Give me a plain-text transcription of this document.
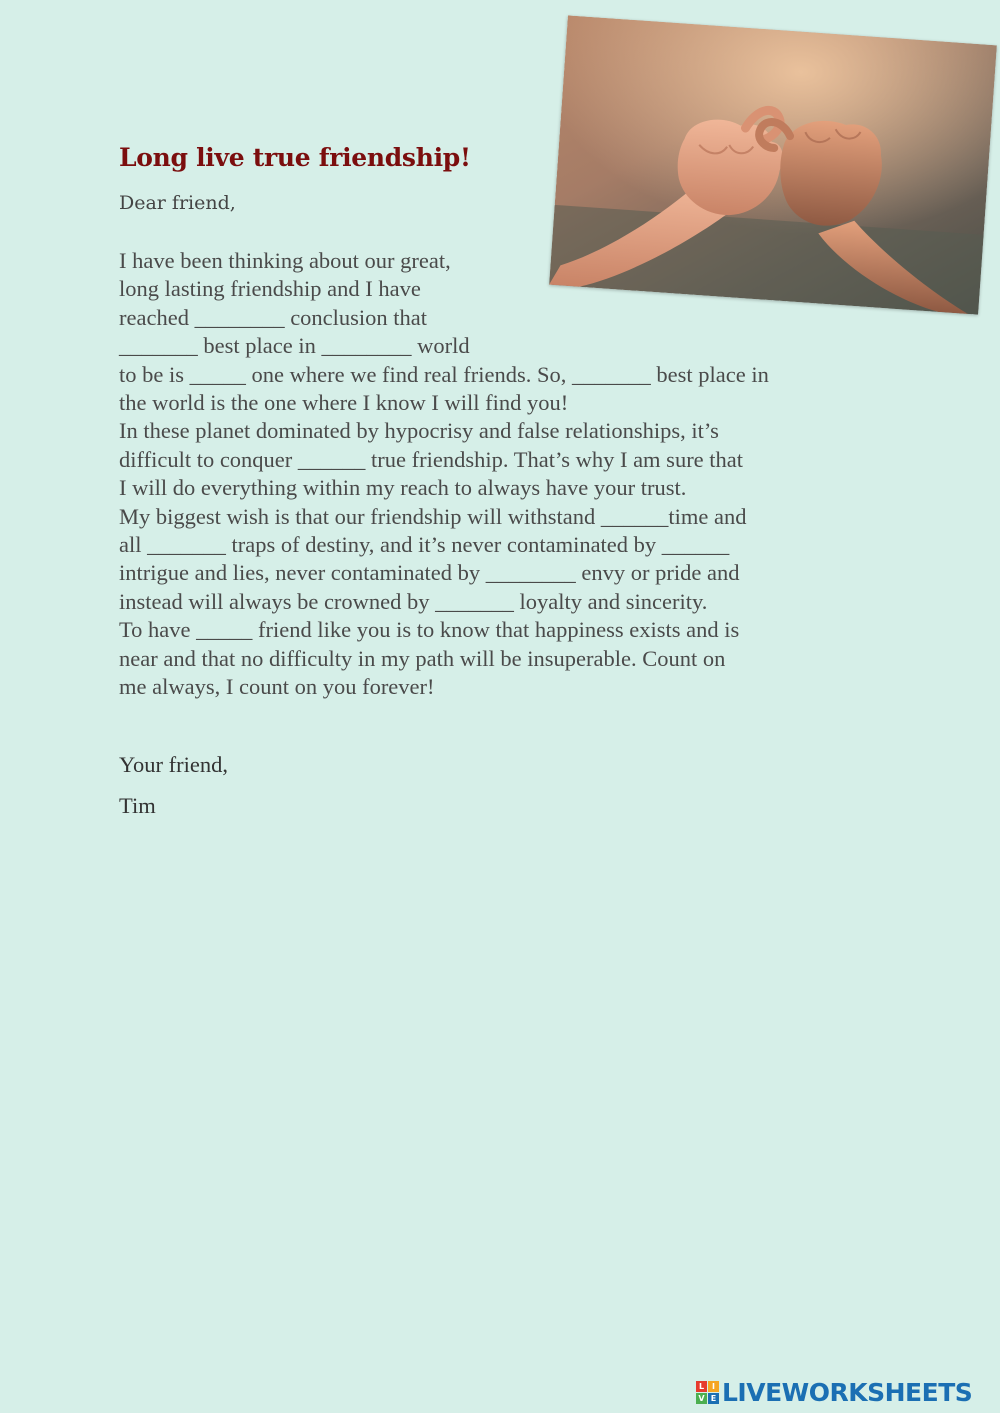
Long live true friendship!
Dear friend,
I have been thinking about our great,
long lasting friendship and I have
reached ________ conclusion that
_______ best place in ________ world
to be is _____ one where we find real friends. So, _______ best place in
the world is the one where I know I will find you!
In these planet dominated by hypocrisy and false relationships, it’s
difficult to conquer ______ true friendship. That’s why I am sure that
I will do everything within my reach to always have your trust.
My biggest wish is that our friendship will withstand ______time and
all _______ traps of destiny, and it’s never contaminated by ______
intrigue and lies, never contaminated by ________ envy or pride and
instead will always be crowned by _______ loyalty and sincerity.
To have _____ friend like you is to know that happiness exists and is
near and that no difficulty in my path will be insuperable. Count on
me always, I count on you forever!
Your friend,
Tim
L I
V E LIVEWORKSHEETS
